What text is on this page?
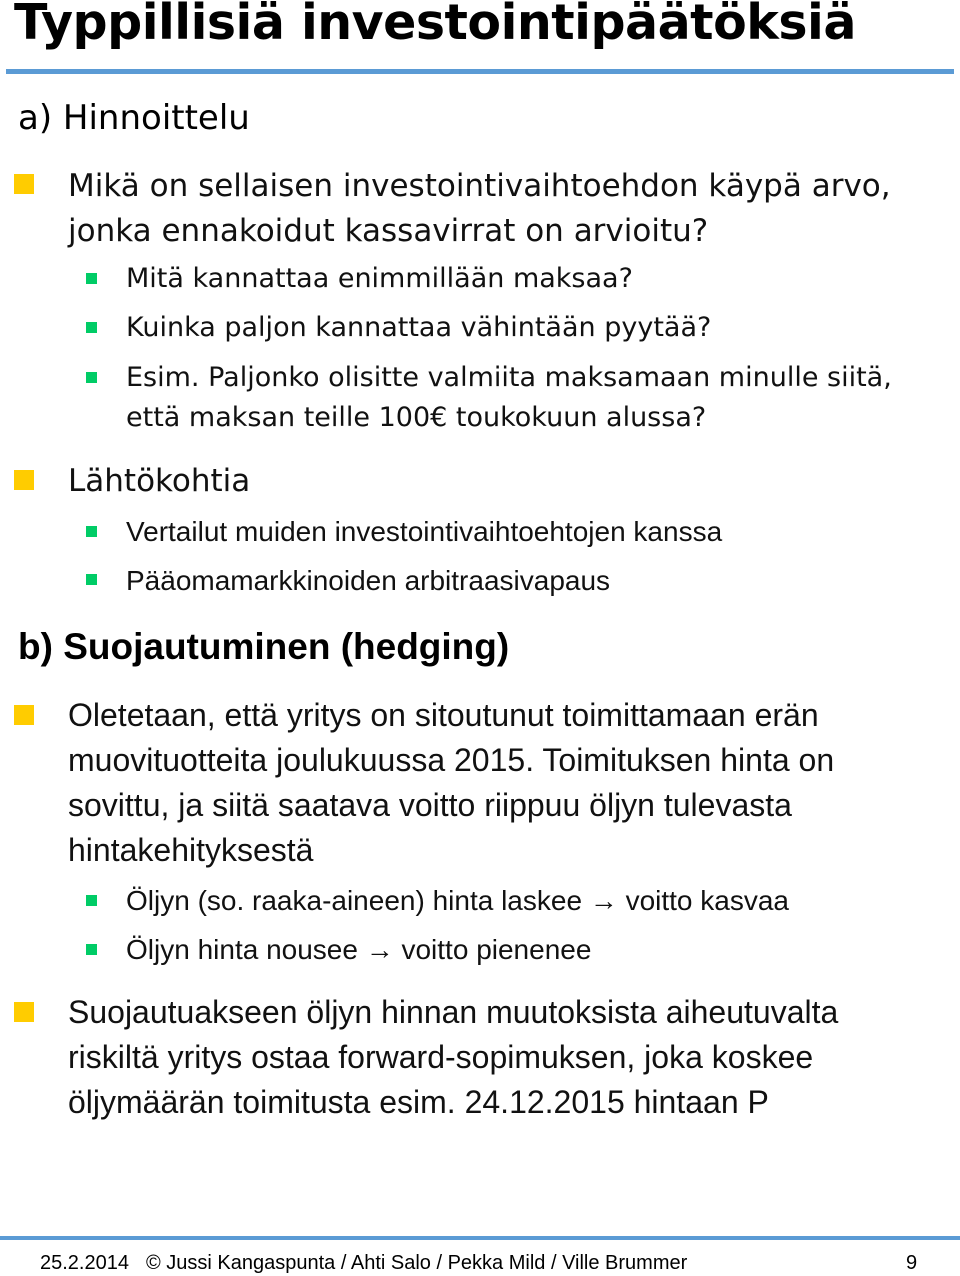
Typpillisiä investointipäätöksiä
a) Hinnoittelu
Mikä on sellaisen investointivaihtoehdon käypä arvo,
jonka ennakoidut kassavirrat on arvioitu?
Mitä kannattaa enimmillään maksaa?
Kuinka paljon kannattaa vähintään pyytää?
Esim. Paljonko olisitte valmiita maksamaan minulle siitä,
että maksan teille 100€ toukokuun alussa?
Lähtökohtia
Vertailut muiden investointivaihtoehtojen kanssa
Pääomamarkkinoiden arbitraasivapaus
b) Suojautuminen (hedging)
Oletetaan, että yritys on sitoutunut toimittamaan erän
muovituotteita joulukuussa 2015. Toimituksen hinta on
sovittu, ja siitä saatava voitto riippuu öljyn tulevasta
hintakehityksestä
Öljyn (so. raaka-aineen) hinta laskee → voitto kasvaa
Öljyn hinta nousee → voitto pienenee
Suojautuakseen öljyn hinnan muutoksista aiheutuvalta
riskiltä yritys ostaa forward-sopimuksen, joka koskee
öljymäärän toimitusta esim. 24.12.2015 hintaan P
25.2.2014 © Jussi Kangaspunta / Ahti Salo / Pekka Mild / Ville Brummer	9
